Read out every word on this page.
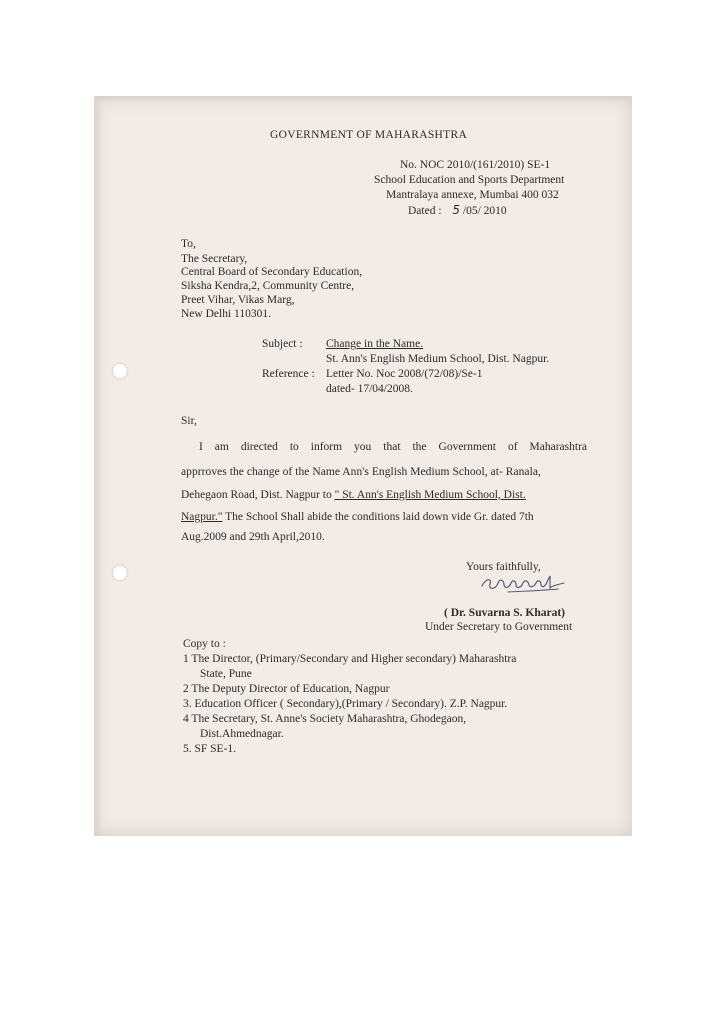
GOVERNMENT OF MAHARASHTRA
No. NOC 2010/(161/2010) SE-1
School Education and Sports Department
Mantralaya annexe, Mumbai 400 032
Dated : 5 /05/ 2010
To,
The Secretary,
Central Board of Secondary Education,
Siksha Kendra,2, Community Centre,
Preet Vihar, Vikas Marg,
New Delhi 110301.
Subject : Change in the Name.
St. Ann's English Medium School, Dist. Nagpur.
Reference : Letter No. Noc 2008/(72/08)/Se-1
dated- 17/04/2008.
Sir,
I am directed to inform you that the Government of Maharashtra
apprroves the change of the Name Ann's English Medium School, at- Ranala,
Dehegaon Road, Dist. Nagpur to " St. Ann's English Medium School, Dist.
Nagpur." The School Shall abide the conditions laid down vide Gr. dated 7th
Aug.2009 and 29th April,2010.
Yours faithfully,
( Dr. Suvarna S. Kharat)
Under Secretary to Government
Copy to :
1 The Director, (Primary/Secondary and Higher secondary) Maharashtra
State, Pune
2 The Deputy Director of Education, Nagpur
3. Education Officer ( Secondary),(Primary / Secondary). Z.P. Nagpur.
4 The Secretary, St. Anne's Society Maharashtra, Ghodegaon,
Dist.Ahmednagar.
5. SF SE-1.
